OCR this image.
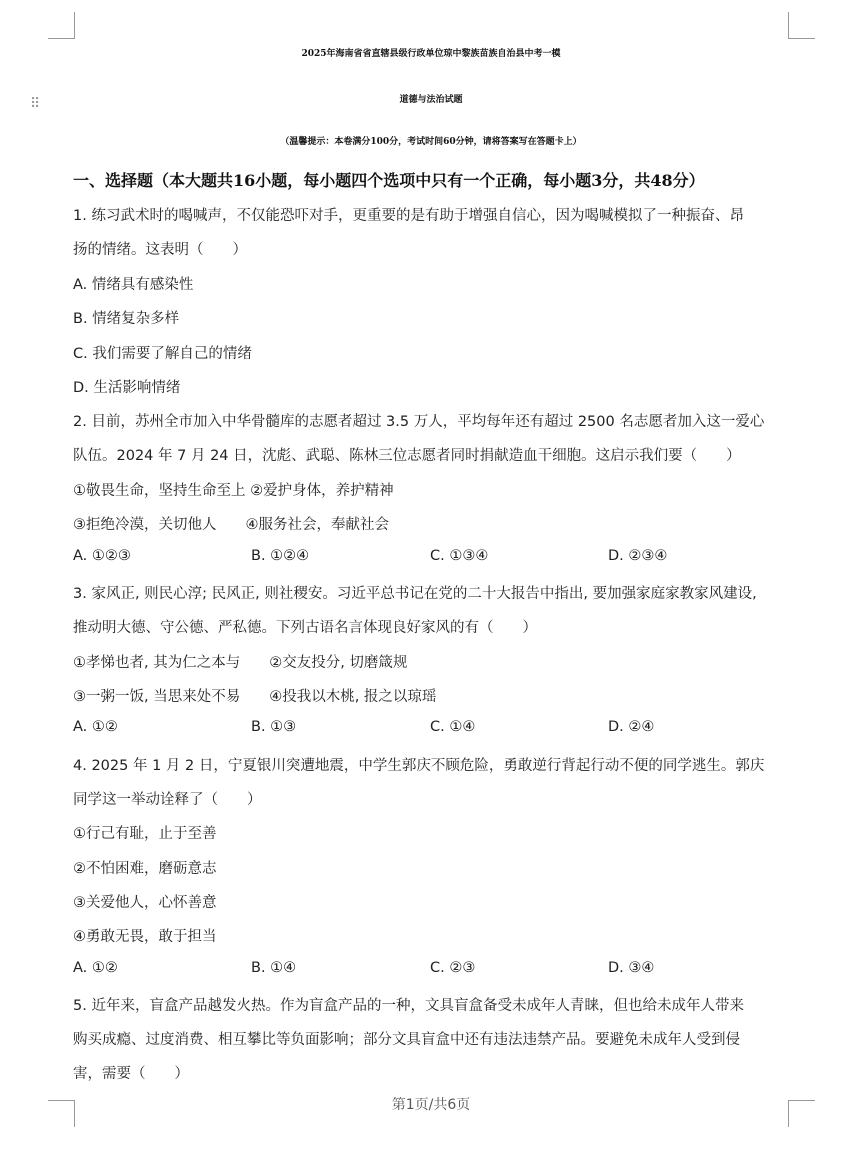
⠿
2025年海南省省直辖县级行政单位琼中黎族苗族自治县中考一模
道德与法治试题
（温馨提示：本卷满分100分，考试时间60分钟，请将答案写在答题卡上）
一、选择题（本大题共16小题，每小题四个选项中只有一个正确，每小题3分，共48分）
1. 练习武术时的喝喊声，不仅能恐吓对手，更重要的是有助于增强自信心，因为喝喊模拟了一种振奋、昂
扬的情绪。这表明（　　）
A. 情绪具有感染性
B. 情绪复杂多样
C. 我们需要了解自己的情绪
D. 生活影响情绪
2. 目前，苏州全市加入中华骨髓库的志愿者超过 3.5 万人，平均每年还有超过 2500 名志愿者加入这一爱心
队伍。2024 年 7 月 24 日，沈彪、武聪、陈林三位志愿者同时捐献造血干细胞。这启示我们要（　　）
①敬畏生命，坚持生命至上 ②爱护身体，养护精神
③拒绝冷漠，关切他人　　④服务社会，奉献社会
A. ①②③	B. ①②④	C. ①③④	D. ②③④
3. 家风正, 则民心淳; 民风正, 则社稷安。习近平总书记在党的二十大报告中指出, 要加强家庭家教家风建设,
推动明大德、守公德、严私德。下列古语名言体现良好家风的有（　　）
①孝悌也者, 其为仁之本与　　②交友投分, 切磨箴规
③一粥一饭, 当思来处不易　　④投我以木桃, 报之以琼瑶
A. ①②	B. ①③	C. ①④	D. ②④
4. 2025 年 1 月 2 日，宁夏银川突遭地震，中学生郭庆不顾危险，勇敢逆行背起行动不便的同学逃生。郭庆
同学这一举动诠释了（　　）
①行己有耻，止于至善
②不怕困难，磨砺意志
③关爱他人，心怀善意
④勇敢无畏，敢于担当
A. ①②	B. ①④	C. ②③	D. ③④
5. 近年来，盲盒产品越发火热。作为盲盒产品的一种，文具盲盒备受未成年人青睐，但也给未成年人带来
购买成瘾、过度消费、相互攀比等负面影响；部分文具盲盒中还有违法违禁产品。要避免未成年人受到侵
害，需要（　　）
第1页/共6页
